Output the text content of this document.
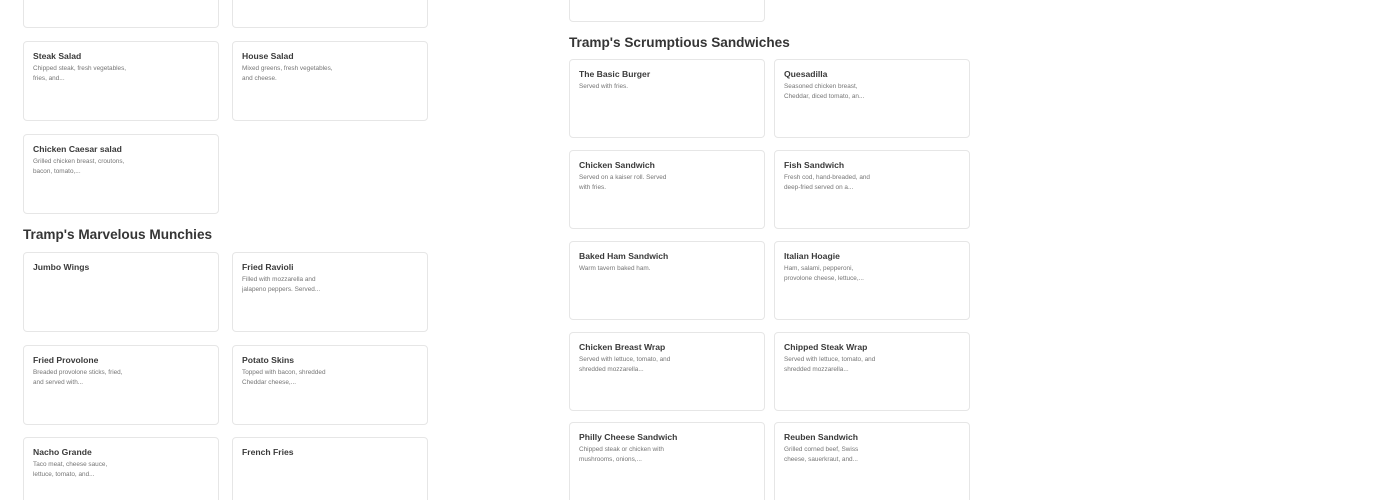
Steak Salad
Chipped steak, fresh vegetables, fries, and...
House Salad
Mixed greens, fresh vegetables, and cheese.
Chicken Caesar salad
Grilled chicken breast, croutons, bacon, tomato,...
Tramp's Marvelous Munchies
Jumbo Wings	Fried Ravioli
Filled with mozzarella and jalapeno peppers. Served...
Fried Provolone
Breaded provolone sticks, fried, and served with...
Potato Skins
Topped with bacon, shredded Cheddar cheese,...
Nacho Grande
Taco meat, cheese sauce, lettuce, tomato, and...
French Fries
Tramp's Scrumptious Sandwiches
The Basic Burger
Served with fries.
Quesadilla
Seasoned chicken breast, Cheddar, diced tomato, an...
Chicken Sandwich
Served on a kaiser roll. Served with fries.
Fish Sandwich
Fresh cod, hand-breaded, and deep-fried served on a...
Baked Ham Sandwich
Warm tavern baked ham.
Italian Hoagie
Ham, salami, pepperoni, provolone cheese, lettuce,...
Chicken Breast Wrap
Served with lettuce, tomato, and shredded mozzarella...
Chipped Steak Wrap
Served with lettuce, tomato, and shredded mozzarella...
Philly Cheese Sandwich
Chipped steak or chicken with mushrooms, onions,...
Reuben Sandwich
Grilled corned beef, Swiss cheese, sauerkraut, and...
